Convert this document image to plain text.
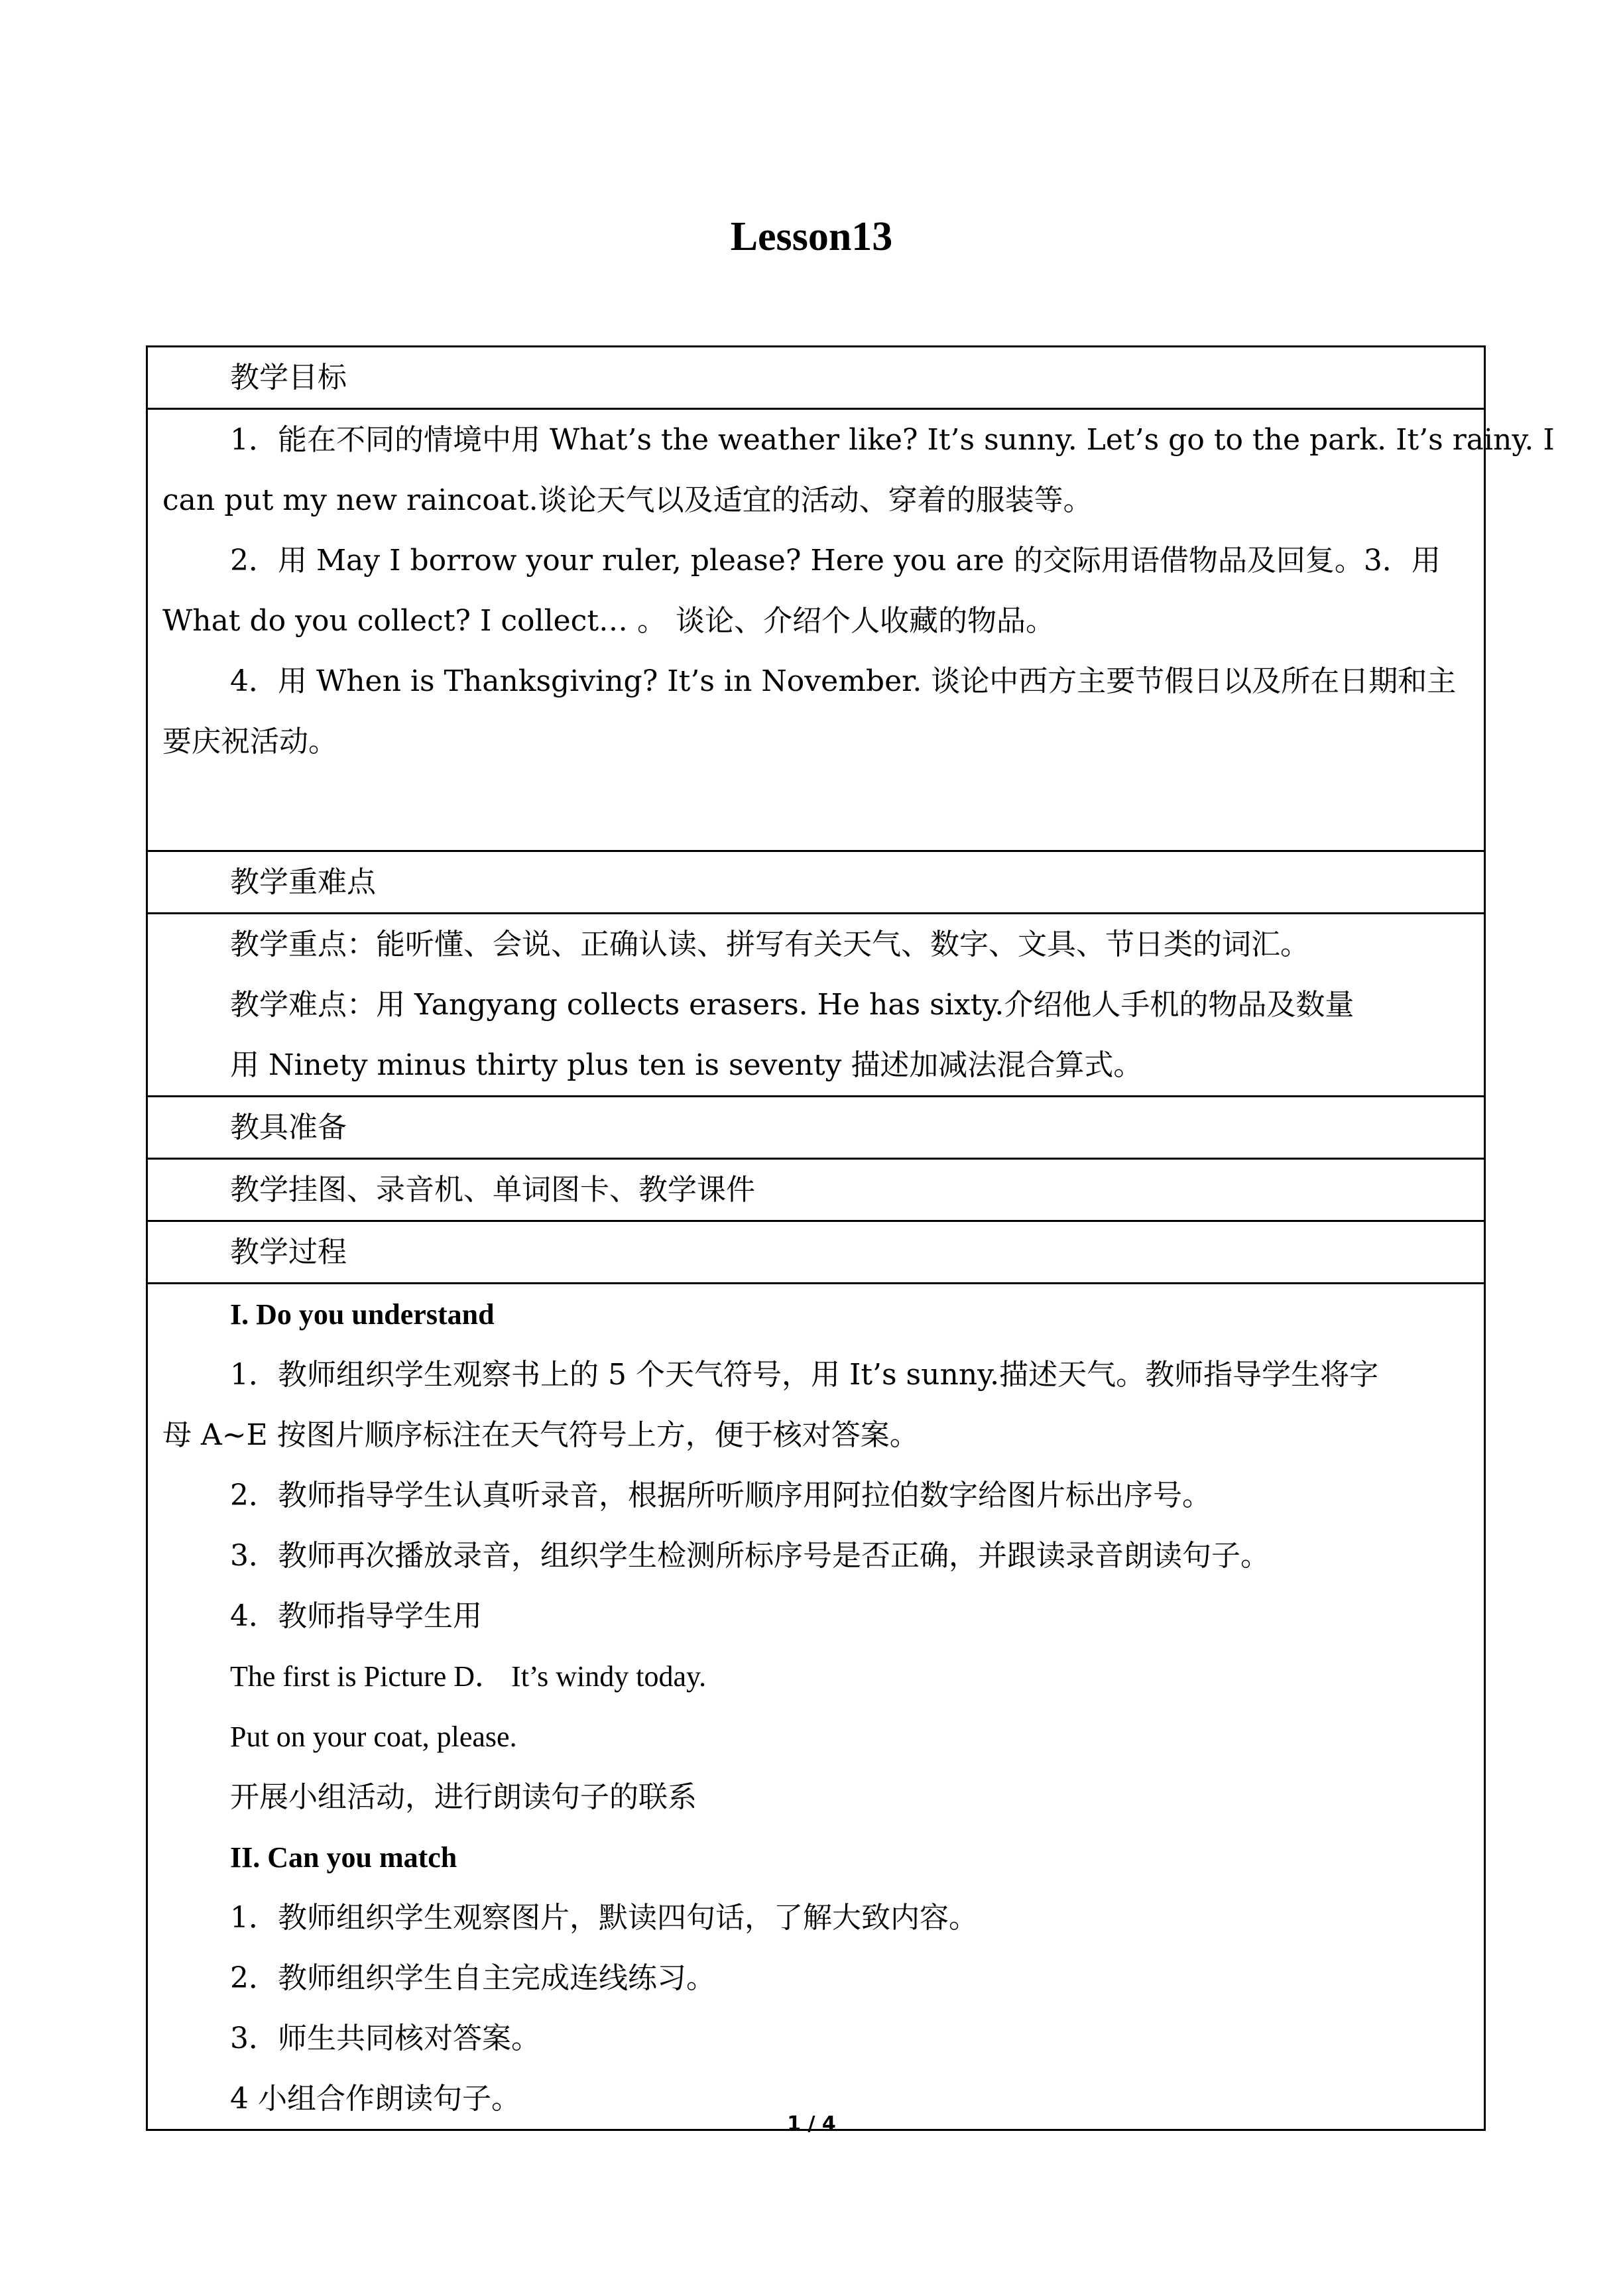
Lesson13
教学目标

1．能在不同的情境中用 What’s the weather like? It’s sunny. Let’s go to the park. It’s rainy. I
can put my new raincoat.谈论天气以及适宜的活动、穿着的服装等。
2．用 May I borrow your ruler, please? Here you are 的交际用语借物品及回复。3．用
What do you collect? I collect… 。 谈论、介绍个人收藏的物品。
4．用 When is Thanksgiving? It’s in November. 谈论中西方主要节假日以及所在日期和主
要庆祝活动。

教学重难点

教学重点：能听懂、会说、正确认读、拼写有关天气、数字、文具、节日类的词汇。
教学难点：用 Yangyang collects erasers. He has sixty.介绍他人手机的物品及数量
用 Ninety minus thirty plus ten is seventy 描述加减法混合算式。

教具准备

教学挂图、录音机、单词图卡、教学课件

教学过程

I. Do you understand
1．教师组织学生观察书上的 5 个天气符号，用 It’s sunny.描述天气。教师指导学生将字
母 A~E 按图片顺序标注在天气符号上方，便于核对答案。
2．教师指导学生认真听录音，根据所听顺序用阿拉伯数字给图片标出序号。
3．教师再次播放录音，组织学生检测所标序号是否正确，并跟读录音朗读句子。
4．教师指导学生用
The first is Picture D． It’s windy today.
Put on your coat, please.
开展小组活动，进行朗读句子的联系
II. Can you match
1．教师组织学生观察图片，默读四句话，了解大致内容。
2．教师组织学生自主完成连线练习。
3．师生共同核对答案。
4 小组合作朗读句子。
1 / 4
